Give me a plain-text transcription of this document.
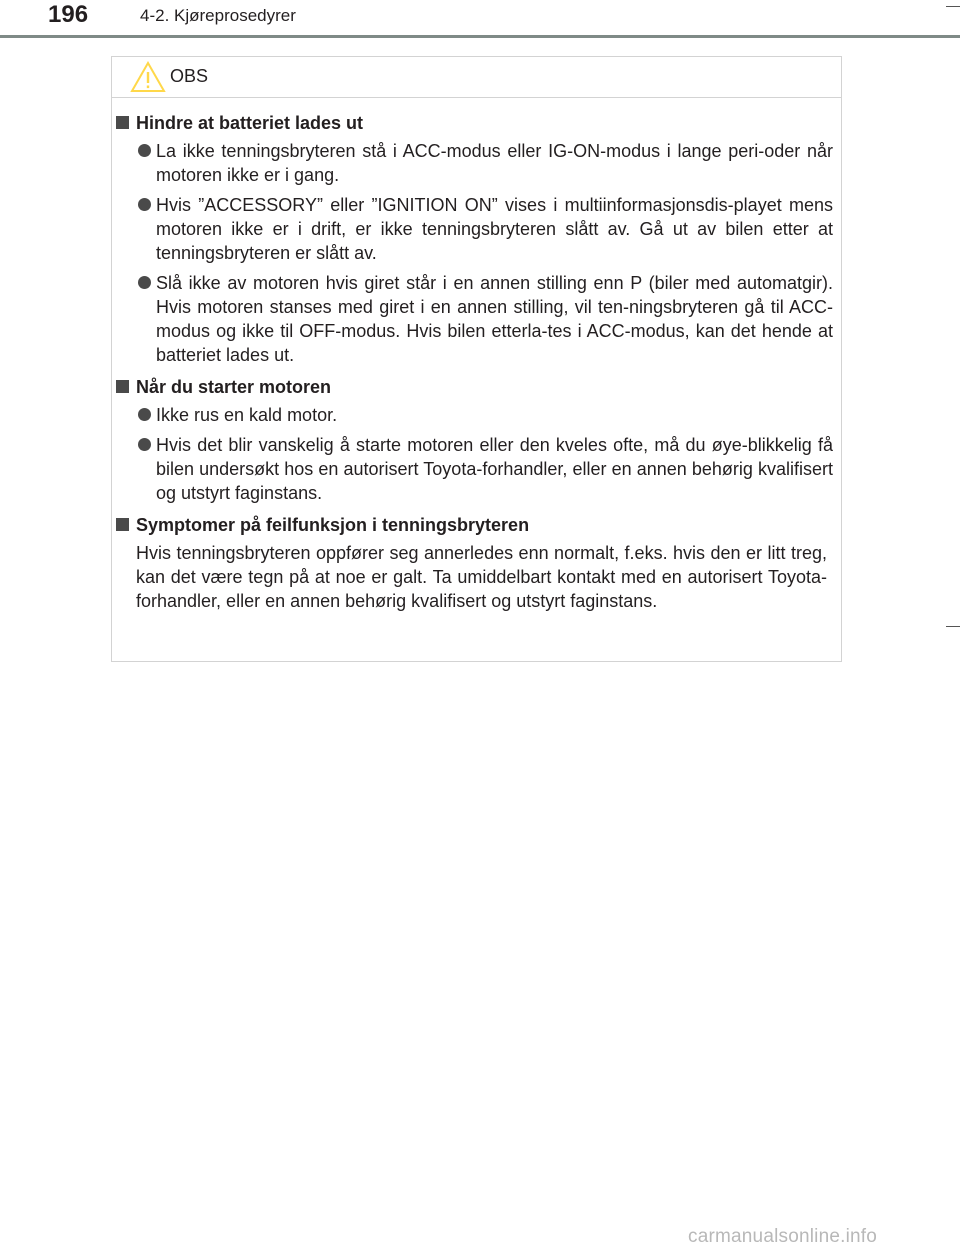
196	4-2. Kjøreprosedyrer
OBS
Hindre at batteriet lades ut
La ikke tenningsbryteren stå i ACC-modus eller IG-ON-modus i lange peri-oder når motoren ikke er i gang.
Hvis ”ACCESSORY” eller ”IGNITION ON” vises i multiinformasjonsdis-playet mens motoren ikke er i drift, er ikke tenningsbryteren slått av. Gå ut av bilen etter at tenningsbryteren er slått av.
Slå ikke av motoren hvis giret står i en annen stilling enn P (biler med automatgir). Hvis motoren stanses med giret i en annen stilling, vil ten-ningsbryteren gå til ACC-modus og ikke til OFF-modus. Hvis bilen etterla-tes i ACC-modus, kan det hende at batteriet lades ut.
Når du starter motoren
Ikke rus en kald motor.
Hvis det blir vanskelig å starte motoren eller den kveles ofte, må du øye-blikkelig få bilen undersøkt hos en autorisert Toyota-forhandler, eller en annen behørig kvalifisert og utstyrt faginstans.
Symptomer på feilfunksjon i tenningsbryteren
Hvis tenningsbryteren oppfører seg annerledes enn normalt, f.eks. hvis den er litt treg, kan det være tegn på at noe er galt. Ta umiddelbart kontakt med en autorisert Toyota-forhandler, eller en annen behørig kvalifisert og utstyrt faginstans.
carmanualsonline.info
